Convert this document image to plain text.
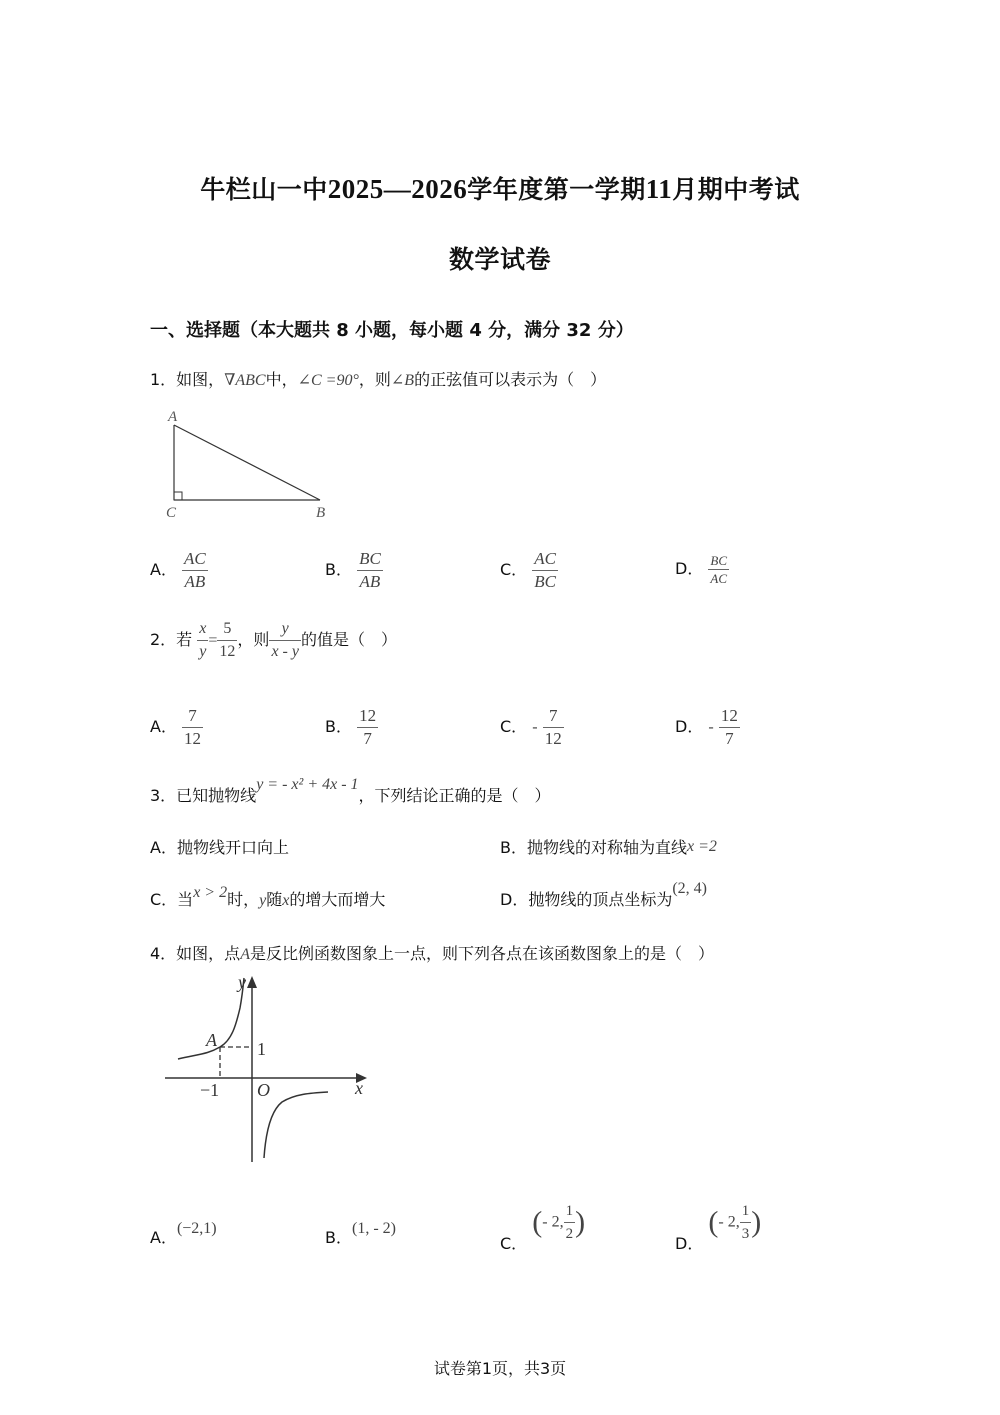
牛栏山一中2025—2026学年度第一学期11月期中考试
数学试卷
一、选择题（本大题共 8 小题，每小题 4 分，满分 32 分）
1．如图，∇ABC中，∠C =90°，则∠B的正弦值可以表示为（　）
A
C	B
A． $\frac{AC}{AB}$	B． $\frac{BC}{AB}$	C． $\frac{AC}{BC}$	D． $\frac{BC}{AC}$
2．若 $\frac{x}{y} = \frac{5}{12}$ ，则 $\frac{y}{x - y}$ 的值是（　）
A． $\frac{7}{12}$	B． $\frac{12}{7}$	C． - $\frac{7}{12}$	D． - $\frac{12}{7}$
3．已知抛物线y = - x² + 4x - 1，下列结论正确的是（　）
A．抛物线开口向上	B．抛物线的对称轴为直线x =2
C．当x > 2时，y随x的增大而增大	D．抛物线的顶点坐标为(2, 4)
4．如图，点A是反比例函数图象上一点，则下列各点在该函数图象上的是（　）
y
x
O
A 1
−1
A．(−2,1)	B．(1, - 2)
C． (- 2, $\frac{1}{2}$ )
D． (- 2, $\frac{1}{3}$ )
试卷第1页，共3页
